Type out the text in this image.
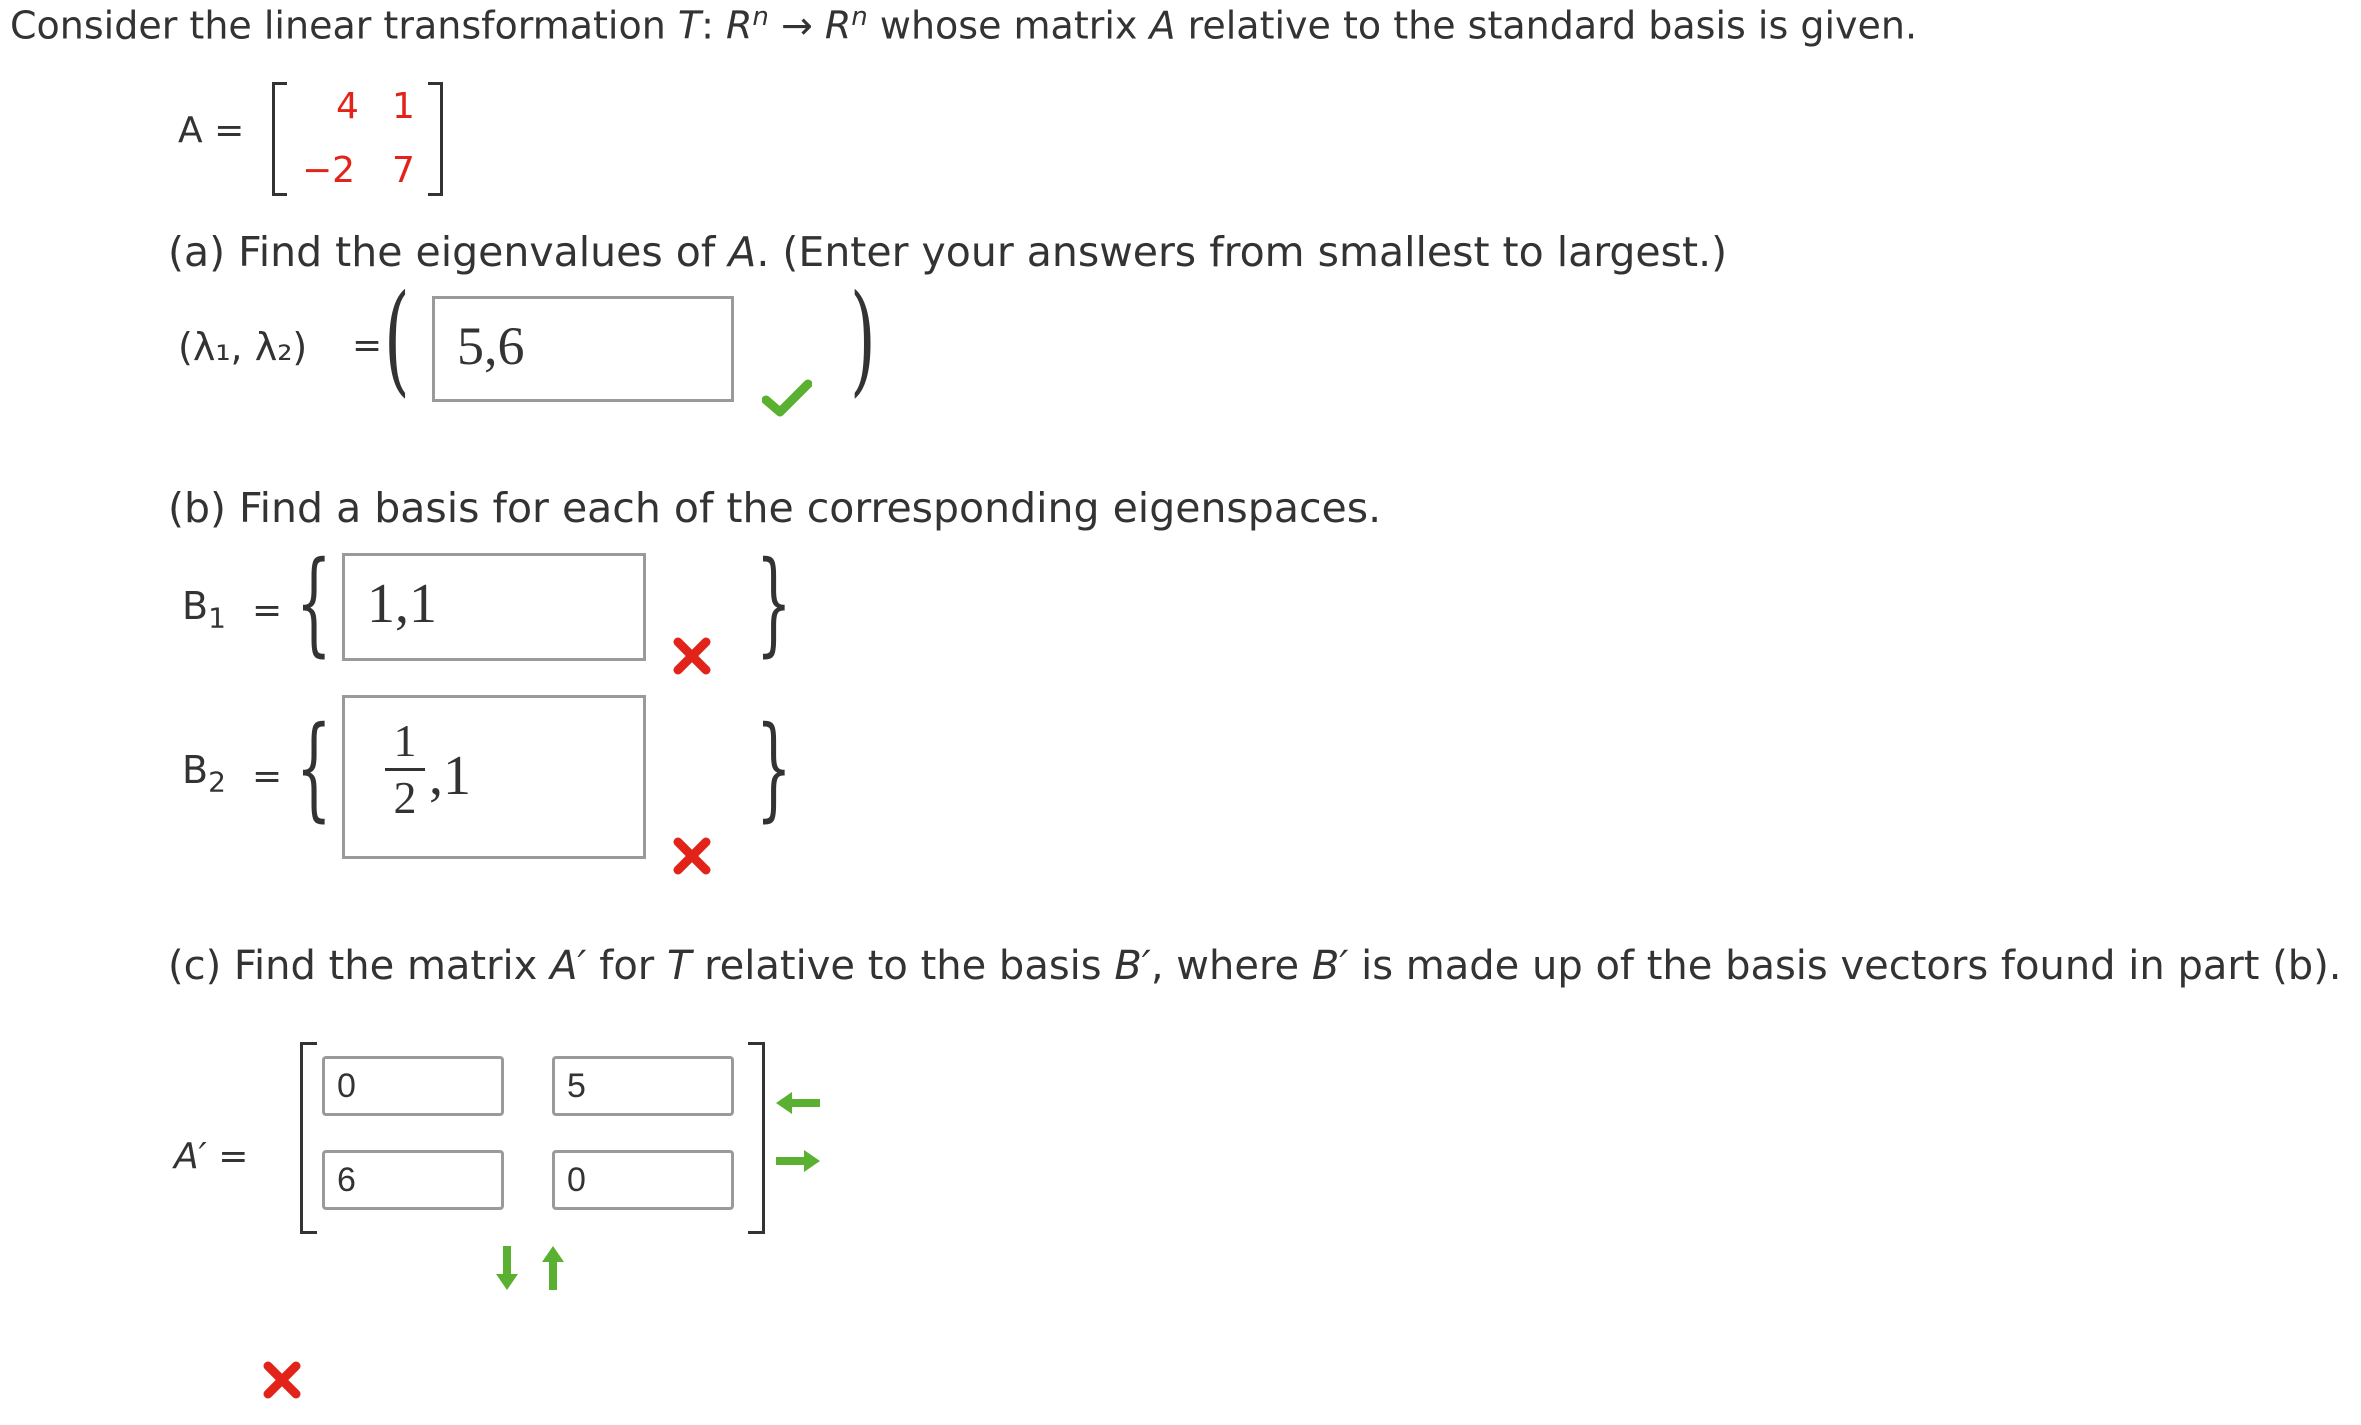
Consider the linear transformation T: $R^n \to R^n$ whose matrix A relative to the standard basis is given.
A =
4 1
−2 7
(a) Find the eigenvalues of A. (Enter your answers from smallest to largest.)
(λ₁, λ₂) = ( 5,6	)
(b) Find a basis for each of the corresponding eigenspaces.
$B_1$ = { 1,1	}
$B_2$ = { 1
2 ,1	}
(c) Find the matrix A′ for T relative to the basis B′, where B′ is made up of the basis vectors found in part (b).
A′ =
0	5
6	0
